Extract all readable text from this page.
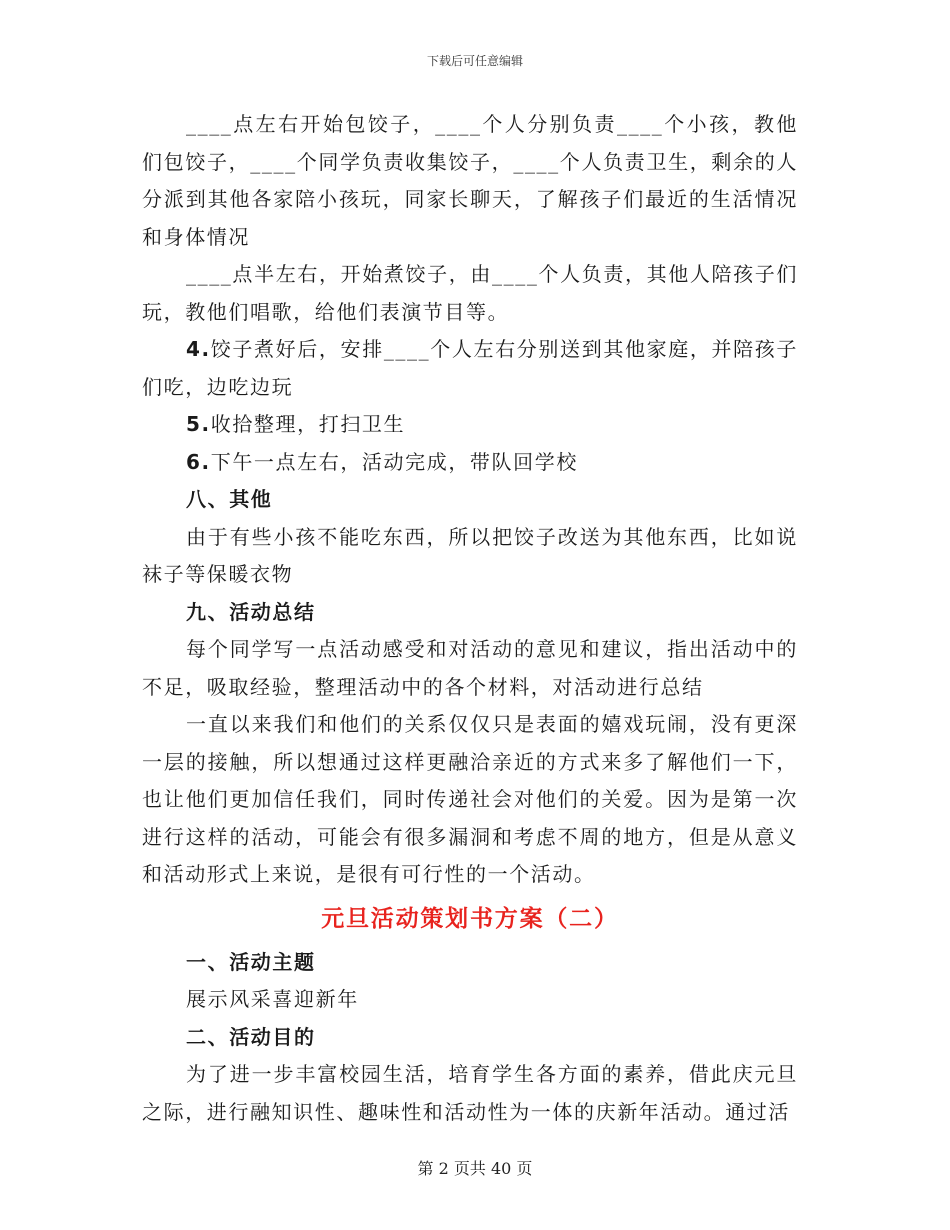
下载后可任意编辑

____点左右开始包饺子，____个人分别负责____个小孩，教他们包饺子，____个同学负责收集饺子，____个人负责卫生，剩余的人分派到其他各家陪小孩玩，同家长聊天，了解孩子们最近的生活情况和身体情况

____点半左右，开始煮饺子，由____个人负责，其他人陪孩子们玩，教他们唱歌，给他们表演节目等。

4.饺子煮好后，安排____个人左右分别送到其他家庭，并陪孩子们吃，边吃边玩

5.收拾整理，打扫卫生

6.下午一点左右，活动完成，带队回学校

八、其他

由于有些小孩不能吃东西，所以把饺子改送为其他东西，比如说袜子等保暖衣物

九、活动总结

每个同学写一点活动感受和对活动的意见和建议，指出活动中的不足，吸取经验，整理活动中的各个材料，对活动进行总结

一直以来我们和他们的关系仅仅只是表面的嬉戏玩闹，没有更深一层的接触，所以想通过这样更融洽亲近的方式来多了解他们一下，也让他们更加信任我们，同时传递社会对他们的关爱。因为是第一次进行这样的活动，可能会有很多漏洞和考虑不周的地方，但是从意义和活动形式上来说，是很有可行性的一个活动。

元旦活动策划书方案（二）

一、活动主题

展示风采喜迎新年

二、活动目的

为了进一步丰富校园生活，培育学生各方面的素养，借此庆元旦之际，进行融知识性、趣味性和活动性为一体的庆新年活动。通过活

第 2 页共 40 页
